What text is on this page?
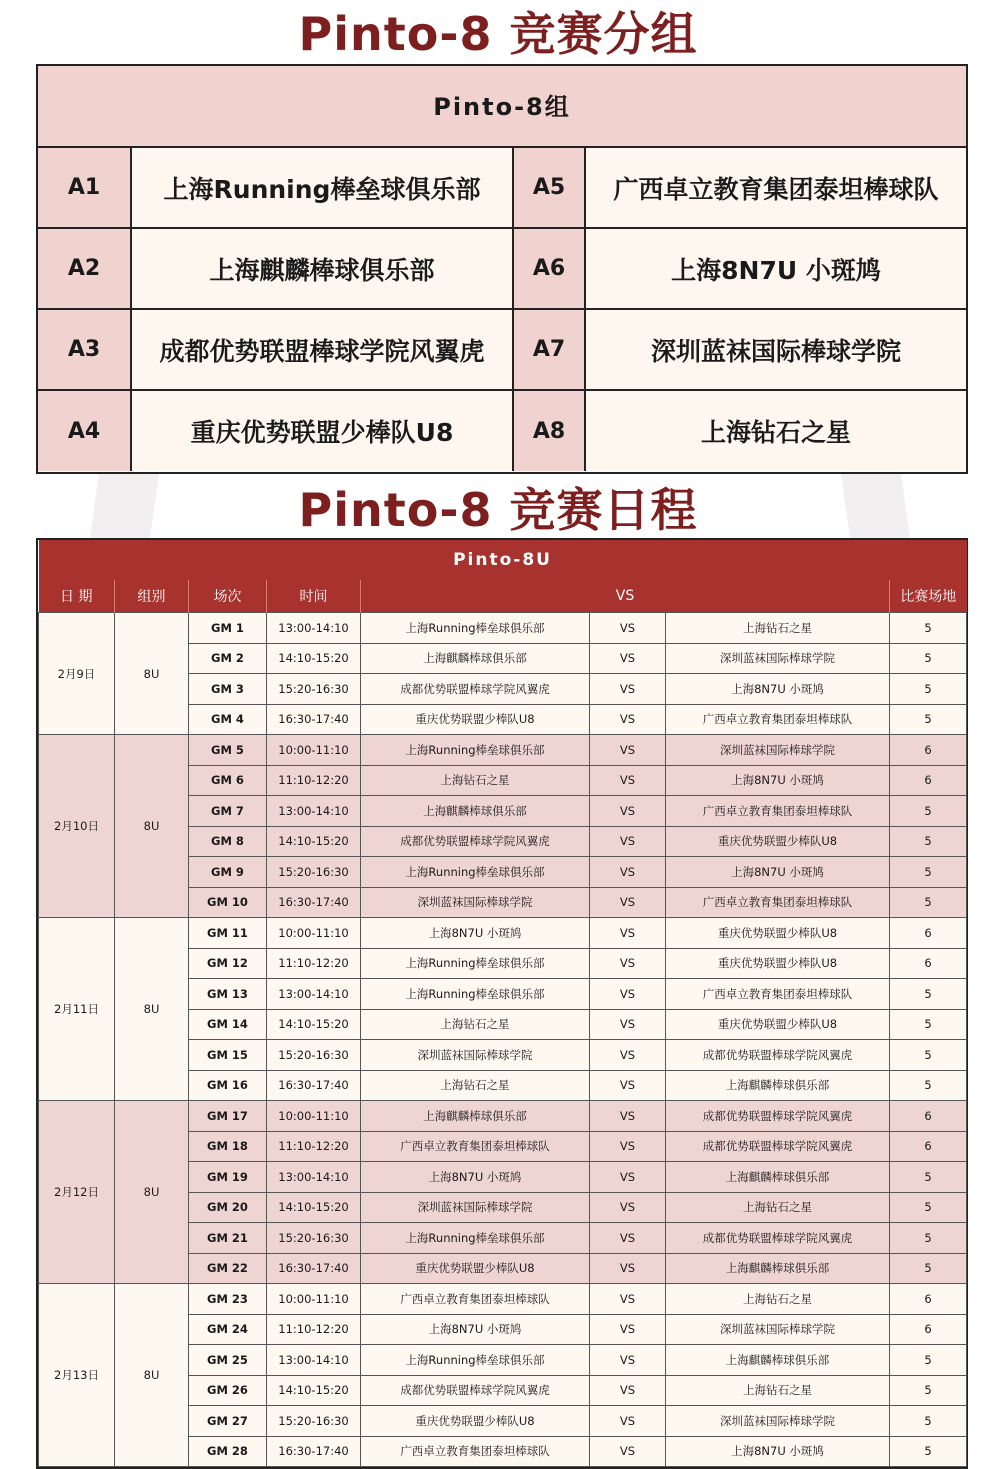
Pinto-8 竞赛分组
Pinto-8组
A1	上海Running棒垒球俱乐部	A5	广西卓立教育集团泰坦棒球队
A2	上海麒麟棒球俱乐部	A6	上海8N7U 小斑鸠
A3	成都优势联盟棒球学院风翼虎	A7	深圳蓝袜国际棒球学院
A4	重庆优势联盟少棒队U8	A8	上海钻石之星
Pinto-8 竞赛日程
Pinto-8U							
日 期	组别	场次	时间	VS			比赛场地
2月9日	8U	GM 1	13:00-14:10	上海Running棒垒球俱乐部	VS	上海钻石之星	5
		GM 2	14:10-15:20	上海麒麟棒球俱乐部	VS	深圳蓝袜国际棒球学院	5
		GM 3	15:20-16:30	成都优势联盟棒球学院风翼虎	VS	上海8N7U 小斑鸠	5
		GM 4	16:30-17:40	重庆优势联盟少棒队U8	VS	广西卓立教育集团泰坦棒球队	5
2月10日	8U	GM 5	10:00-11:10	上海Running棒垒球俱乐部	VS	深圳蓝袜国际棒球学院	6
		GM 6	11:10-12:20	上海钻石之星	VS	上海8N7U 小斑鸠	6
		GM 7	13:00-14:10	上海麒麟棒球俱乐部	VS	广西卓立教育集团泰坦棒球队	5
		GM 8	14:10-15:20	成都优势联盟棒球学院风翼虎	VS	重庆优势联盟少棒队U8	5
		GM 9	15:20-16:30	上海Running棒垒球俱乐部	VS	上海8N7U 小斑鸠	5
		GM 10	16:30-17:40	深圳蓝袜国际棒球学院	VS	广西卓立教育集团泰坦棒球队	5
2月11日	8U	GM 11	10:00-11:10	上海8N7U 小斑鸠	VS	重庆优势联盟少棒队U8	6
		GM 12	11:10-12:20	上海Running棒垒球俱乐部	VS	重庆优势联盟少棒队U8	6
		GM 13	13:00-14:10	上海Running棒垒球俱乐部	VS	广西卓立教育集团泰坦棒球队	5
		GM 14	14:10-15:20	上海钻石之星	VS	重庆优势联盟少棒队U8	5
		GM 15	15:20-16:30	深圳蓝袜国际棒球学院	VS	成都优势联盟棒球学院风翼虎	5
		GM 16	16:30-17:40	上海钻石之星	VS	上海麒麟棒球俱乐部	5
2月12日	8U	GM 17	10:00-11:10	上海麒麟棒球俱乐部	VS	成都优势联盟棒球学院风翼虎	6
		GM 18	11:10-12:20	广西卓立教育集团泰坦棒球队	VS	成都优势联盟棒球学院风翼虎	6
		GM 19	13:00-14:10	上海8N7U 小斑鸠	VS	上海麒麟棒球俱乐部	5
		GM 20	14:10-15:20	深圳蓝袜国际棒球学院	VS	上海钻石之星	5
		GM 21	15:20-16:30	上海Running棒垒球俱乐部	VS	成都优势联盟棒球学院风翼虎	5
		GM 22	16:30-17:40	重庆优势联盟少棒队U8	VS	上海麒麟棒球俱乐部	5
2月13日	8U	GM 23	10:00-11:10	广西卓立教育集团泰坦棒球队	VS	上海钻石之星	6
		GM 24	11:10-12:20	上海8N7U 小斑鸠	VS	深圳蓝袜国际棒球学院	6
		GM 25	13:00-14:10	上海Running棒垒球俱乐部	VS	上海麒麟棒球俱乐部	5
		GM 26	14:10-15:20	成都优势联盟棒球学院风翼虎	VS	上海钻石之星	5
		GM 27	15:20-16:30	重庆优势联盟少棒队U8	VS	深圳蓝袜国际棒球学院	5
		GM 28	16:30-17:40	广西卓立教育集团泰坦棒球队	VS	上海8N7U 小斑鸠	5
